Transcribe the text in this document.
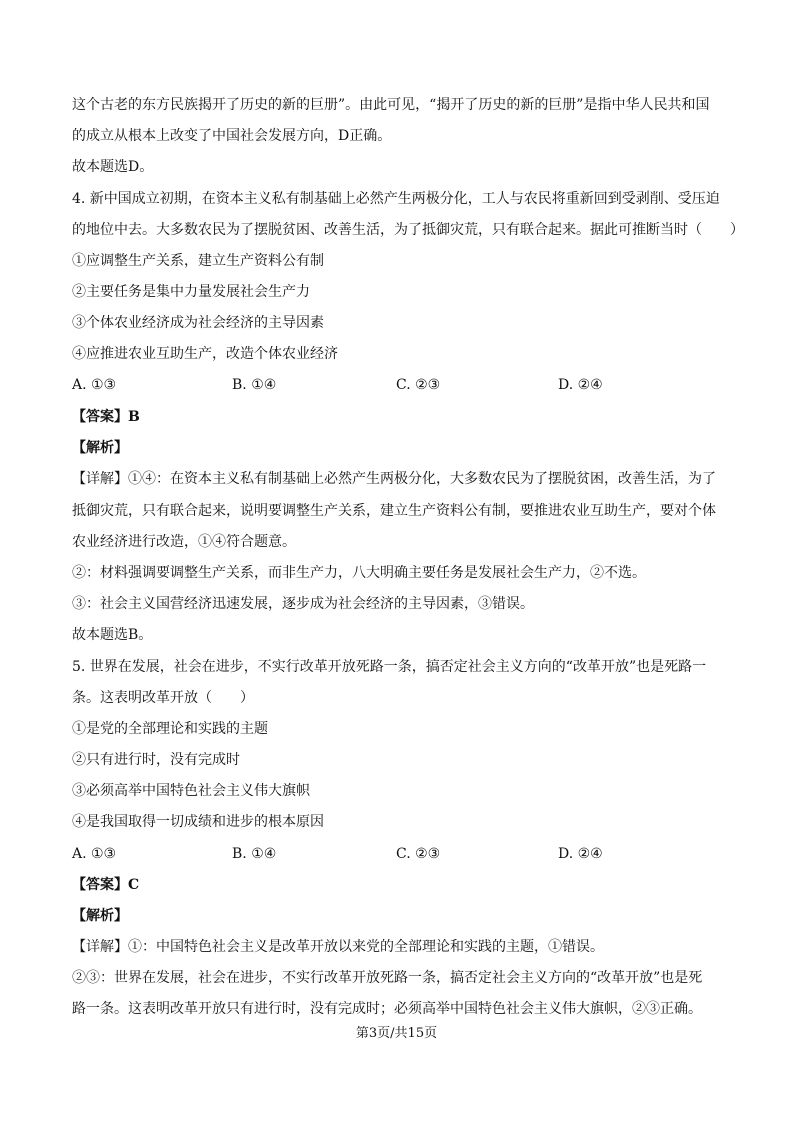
这个古老的东方民族揭开了历史的新的巨册”。由此可见，“揭开了历史的新的巨册”是指中华人民共和国
的成立从根本上改变了中国社会发展方向，D正确。
故本题选D。
4. 新中国成立初期，在资本主义私有制基础上必然产生两极分化，工人与农民将重新回到受剥削、受压迫
的地位中去。大多数农民为了摆脱贫困、改善生活，为了抵御灾荒，只有联合起来。据此可推断当时（　　）
①应调整生产关系，建立生产资料公有制
②主要任务是集中力量发展社会生产力
③个体农业经济成为社会经济的主导因素
④应推进农业互助生产，改造个体农业经济
A. ①③	B. ①④	C. ②③	D. ②④
【答案】B
【解析】
【详解】①④：在资本主义私有制基础上必然产生两极分化，大多数农民为了摆脱贫困，改善生活，为了
抵御灾荒，只有联合起来，说明要调整生产关系，建立生产资料公有制，要推进农业互助生产，要对个体
农业经济进行改造，①④符合题意。
②：材料强调要调整生产关系，而非生产力，八大明确主要任务是发展社会生产力，②不选。
③：社会主义国营经济迅速发展，逐步成为社会经济的主导因素，③错误。
故本题选B。
5. 世界在发展，社会在进步，不实行改革开放死路一条，搞否定社会主义方向的“改革开放”也是死路一
条。这表明改革开放（　　）
①是党的全部理论和实践的主题
②只有进行时，没有完成时
③必须高举中国特色社会主义伟大旗帜
④是我国取得一切成绩和进步的根本原因
A. ①③	B. ①④	C. ②③	D. ②④
【答案】C
【解析】
【详解】①：中国特色社会主义是改革开放以来党的全部理论和实践的主题，①错误。
②③：世界在发展，社会在进步，不实行改革开放死路一条，搞否定社会主义方向的“改革开放”也是死
路一条。这表明改革开放只有进行时，没有完成时；必须高举中国特色社会主义伟大旗帜，②③正确。
第3页/共15页
